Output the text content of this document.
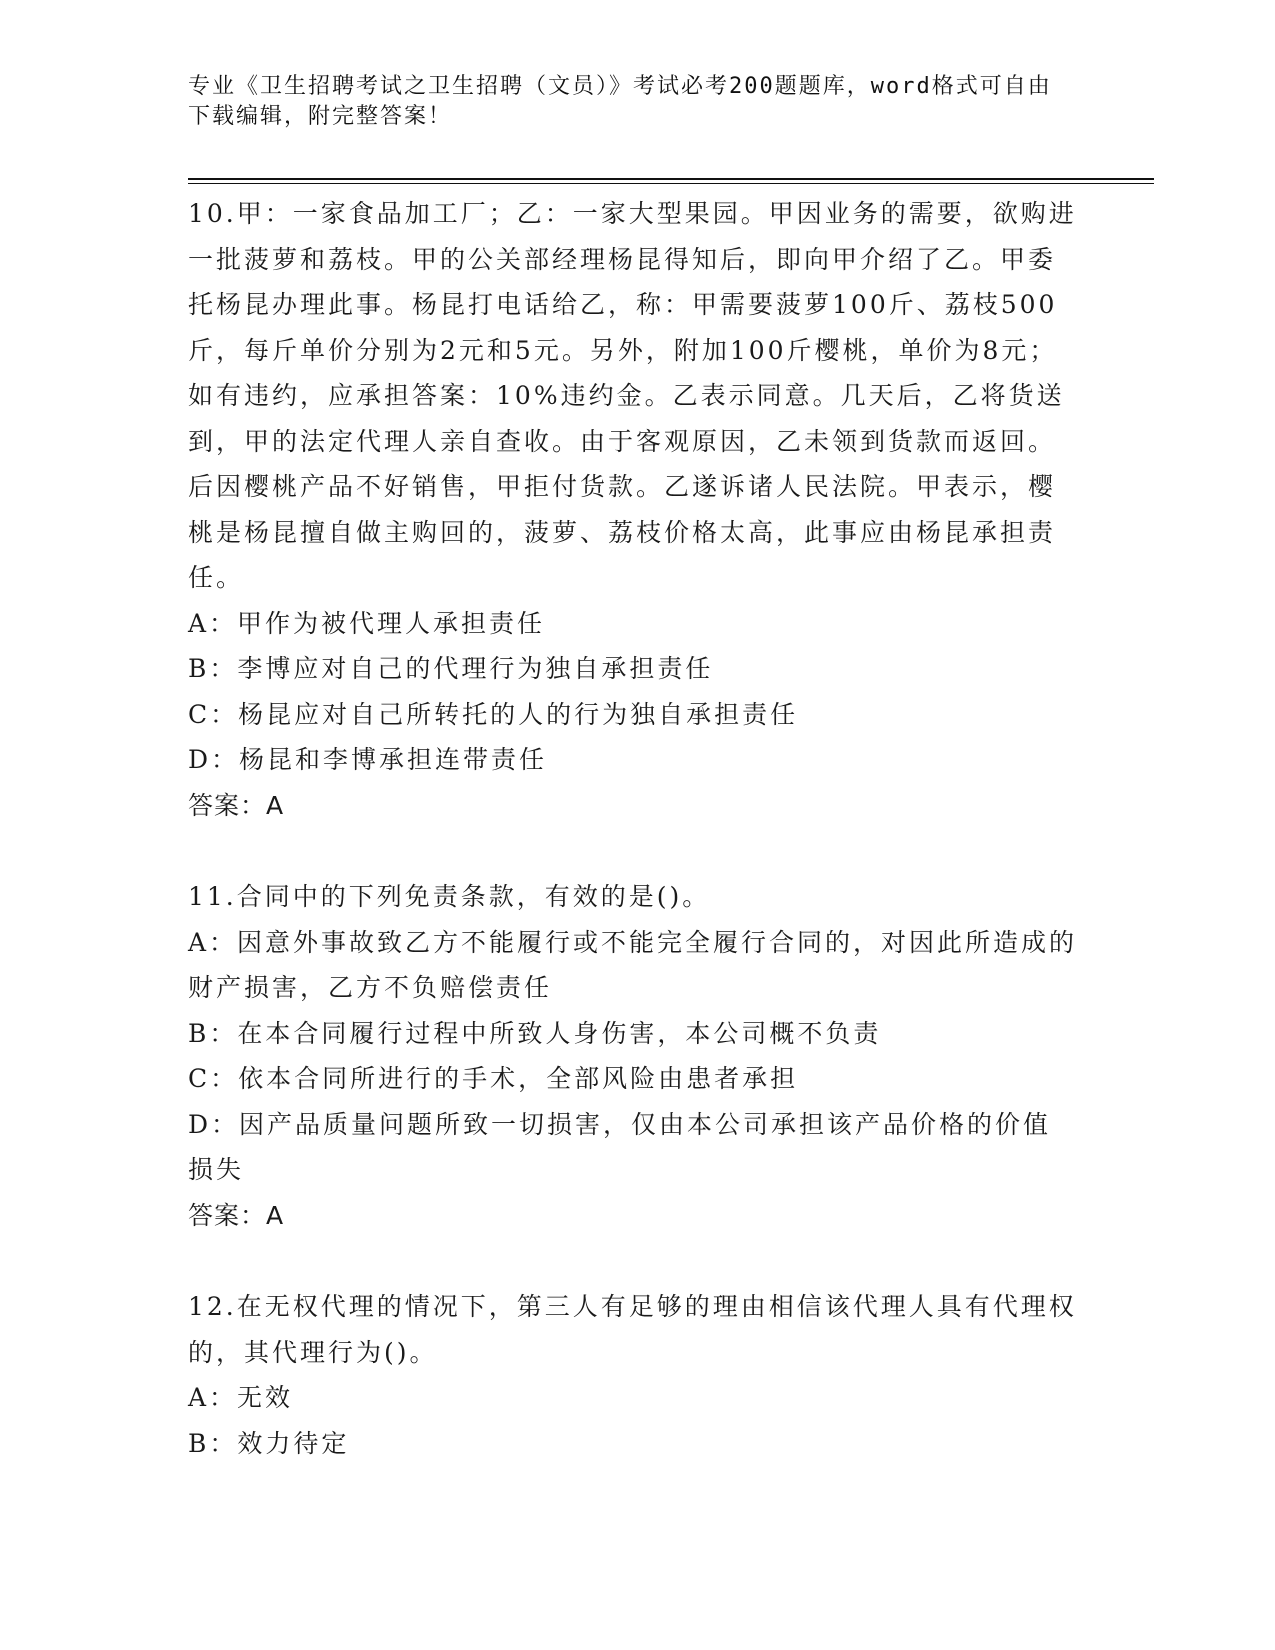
专业《卫生招聘考试之卫生招聘（文员）》考试必考200题题库，word格式可自由下载编辑，附完整答案！

10.甲：一家食品加工厂；乙：一家大型果园。甲因业务的需要，欲购进一批菠萝和荔枝。甲的公关部经理杨昆得知后，即向甲介绍了乙。甲委托杨昆办理此事。杨昆打电话给乙，称：甲需要菠萝100斤、荔枝500斤，每斤单价分别为2元和5元。另外，附加100斤樱桃，单价为8元；如有违约，应承担答案：10%违约金。乙表示同意。几天后，乙将货送到，甲的法定代理人亲自查收。由于客观原因，乙未领到货款而返回。后因樱桃产品不好销售，甲拒付货款。乙遂诉诸人民法院。甲表示，樱桃是杨昆擅自做主购回的，菠萝、荔枝价格太高，此事应由杨昆承担责任。

A：甲作为被代理人承担责任

B：李博应对自己的代理行为独自承担责任

C：杨昆应对自己所转托的人的行为独自承担责任

D：杨昆和李博承担连带责任

答案：A

11.合同中的下列免责条款，有效的是()。

A：因意外事故致乙方不能履行或不能完全履行合同的，对因此所造成的财产损害，乙方不负赔偿责任

B：在本合同履行过程中所致人身伤害，本公司概不负责

C：依本合同所进行的手术，全部风险由患者承担

D：因产品质量问题所致一切损害，仅由本公司承担该产品价格的价值损失

答案：A

12.在无权代理的情况下，第三人有足够的理由相信该代理人具有代理权的，其代理行为()。

A：无效

B：效力待定
